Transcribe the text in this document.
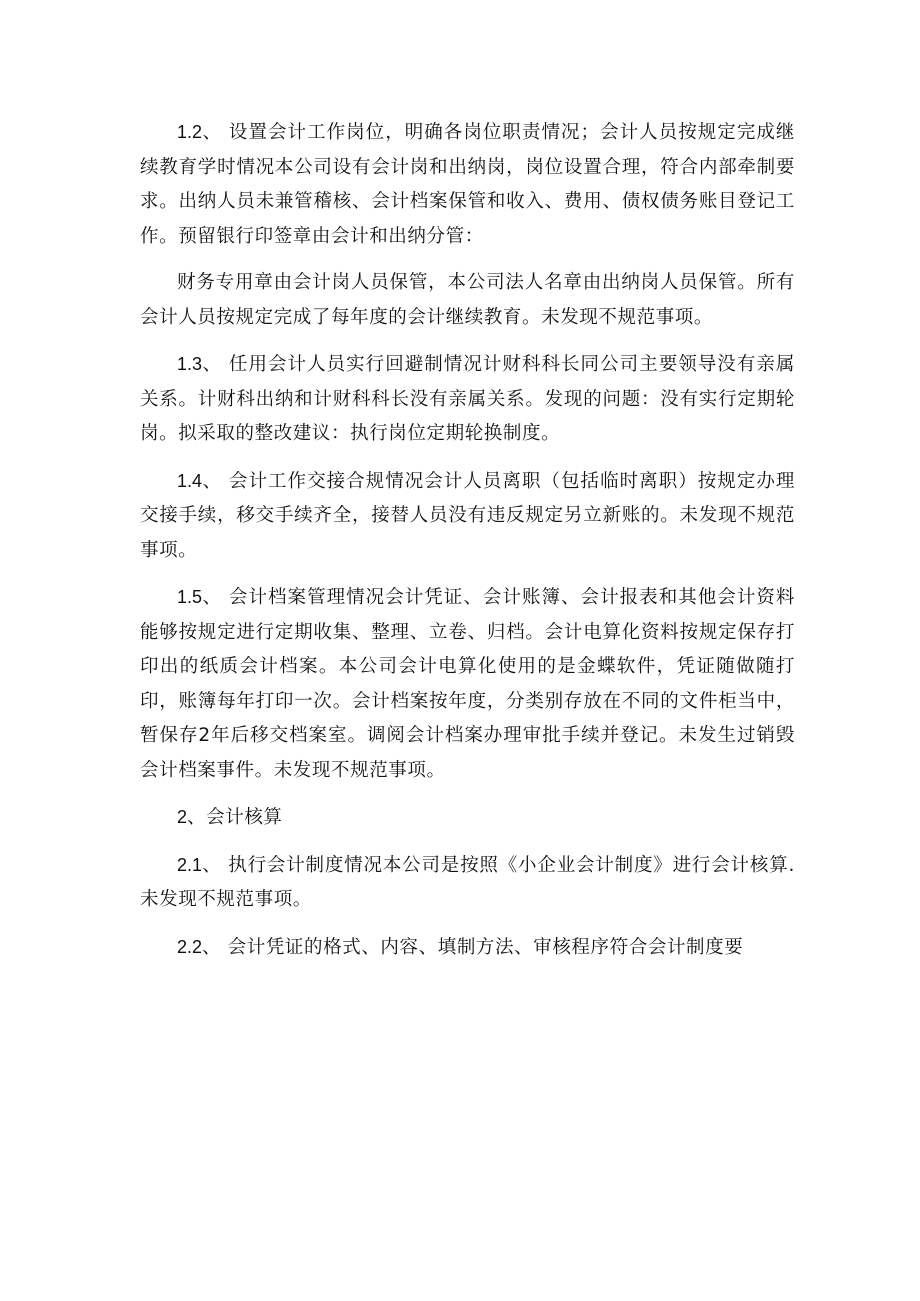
1.2、 设置会计工作岗位，明确各岗位职责情况；会计人员按规定完成继续教育学时情况本公司设有会计岗和出纳岗，岗位设置合理，符合内部牵制要求。出纳人员未兼管稽核、会计档案保管和收入、费用、债权债务账目登记工作。预留银行印签章由会计和出纳分管：

财务专用章由会计岗人员保管，本公司法人名章由出纳岗人员保管。所有会计人员按规定完成了每年度的会计继续教育。未发现不规范事项。

1.3、 任用会计人员实行回避制情况计财科科长同公司主要领导没有亲属关系。计财科出纳和计财科科长没有亲属关系。发现的问题：没有实行定期轮岗。拟采取的整改建议：执行岗位定期轮换制度。

1.4、 会计工作交接合规情况会计人员离职（包括临时离职）按规定办理交接手续，移交手续齐全，接替人员没有违反规定另立新账的。未发现不规范事项。

1.5、 会计档案管理情况会计凭证、会计账簿、会计报表和其他会计资料能够按规定进行定期收集、整理、立卷、归档。会计电算化资料按规定保存打印出的纸质会计档案。本公司会计电算化使用的是金蝶软件，凭证随做随打印，账簿每年打印一次。会计档案按年度，分类别存放在不同的文件柜当中，暂保存2年后移交档案室。调阅会计档案办理审批手续并登记。未发生过销毁会计档案事件。未发现不规范事项。

2、会计核算

2.1、 执行会计制度情况本公司是按照《小企业会计制度》进行会计核算.未发现不规范事项。

2.2、 会计凭证的格式、内容、填制方法、审核程序符合会计制度要
